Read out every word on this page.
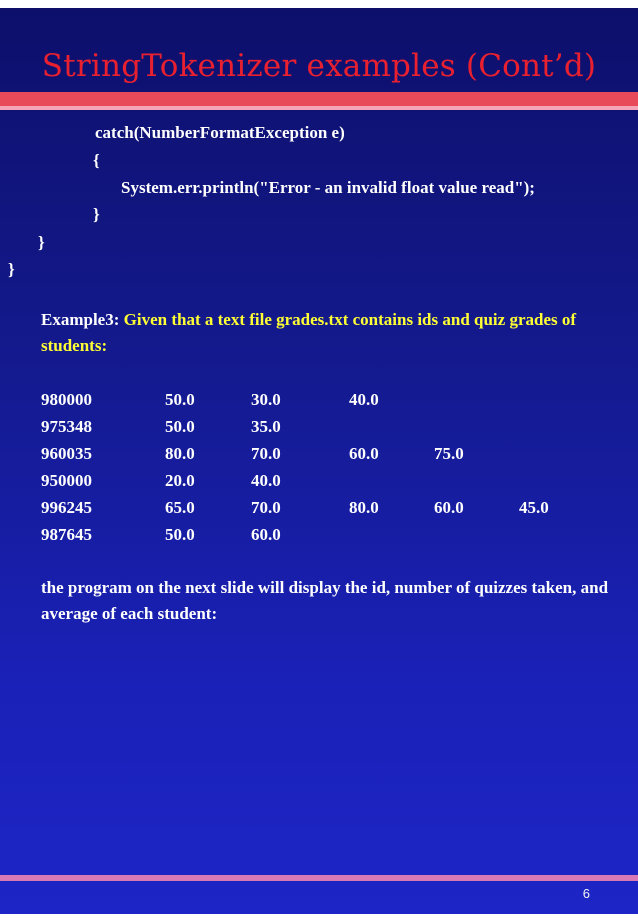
StringTokenizer examples (Cont’d)
catch(NumberFormatException e)
{
System.err.println("Error - an invalid float value read");
}
}
}
Example3: Given that a text file grades.txt contains ids and quiz grades of students:
980000	50.0	30.0	40.0
975348	50.0	35.0
960035	80.0	70.0	60.0	75.0
950000	20.0	40.0
996245	65.0	70.0	80.0	60.0	45.0
987645	50.0	60.0
the program on the next slide will display the id, number of quizzes taken, and average of each student:
6
